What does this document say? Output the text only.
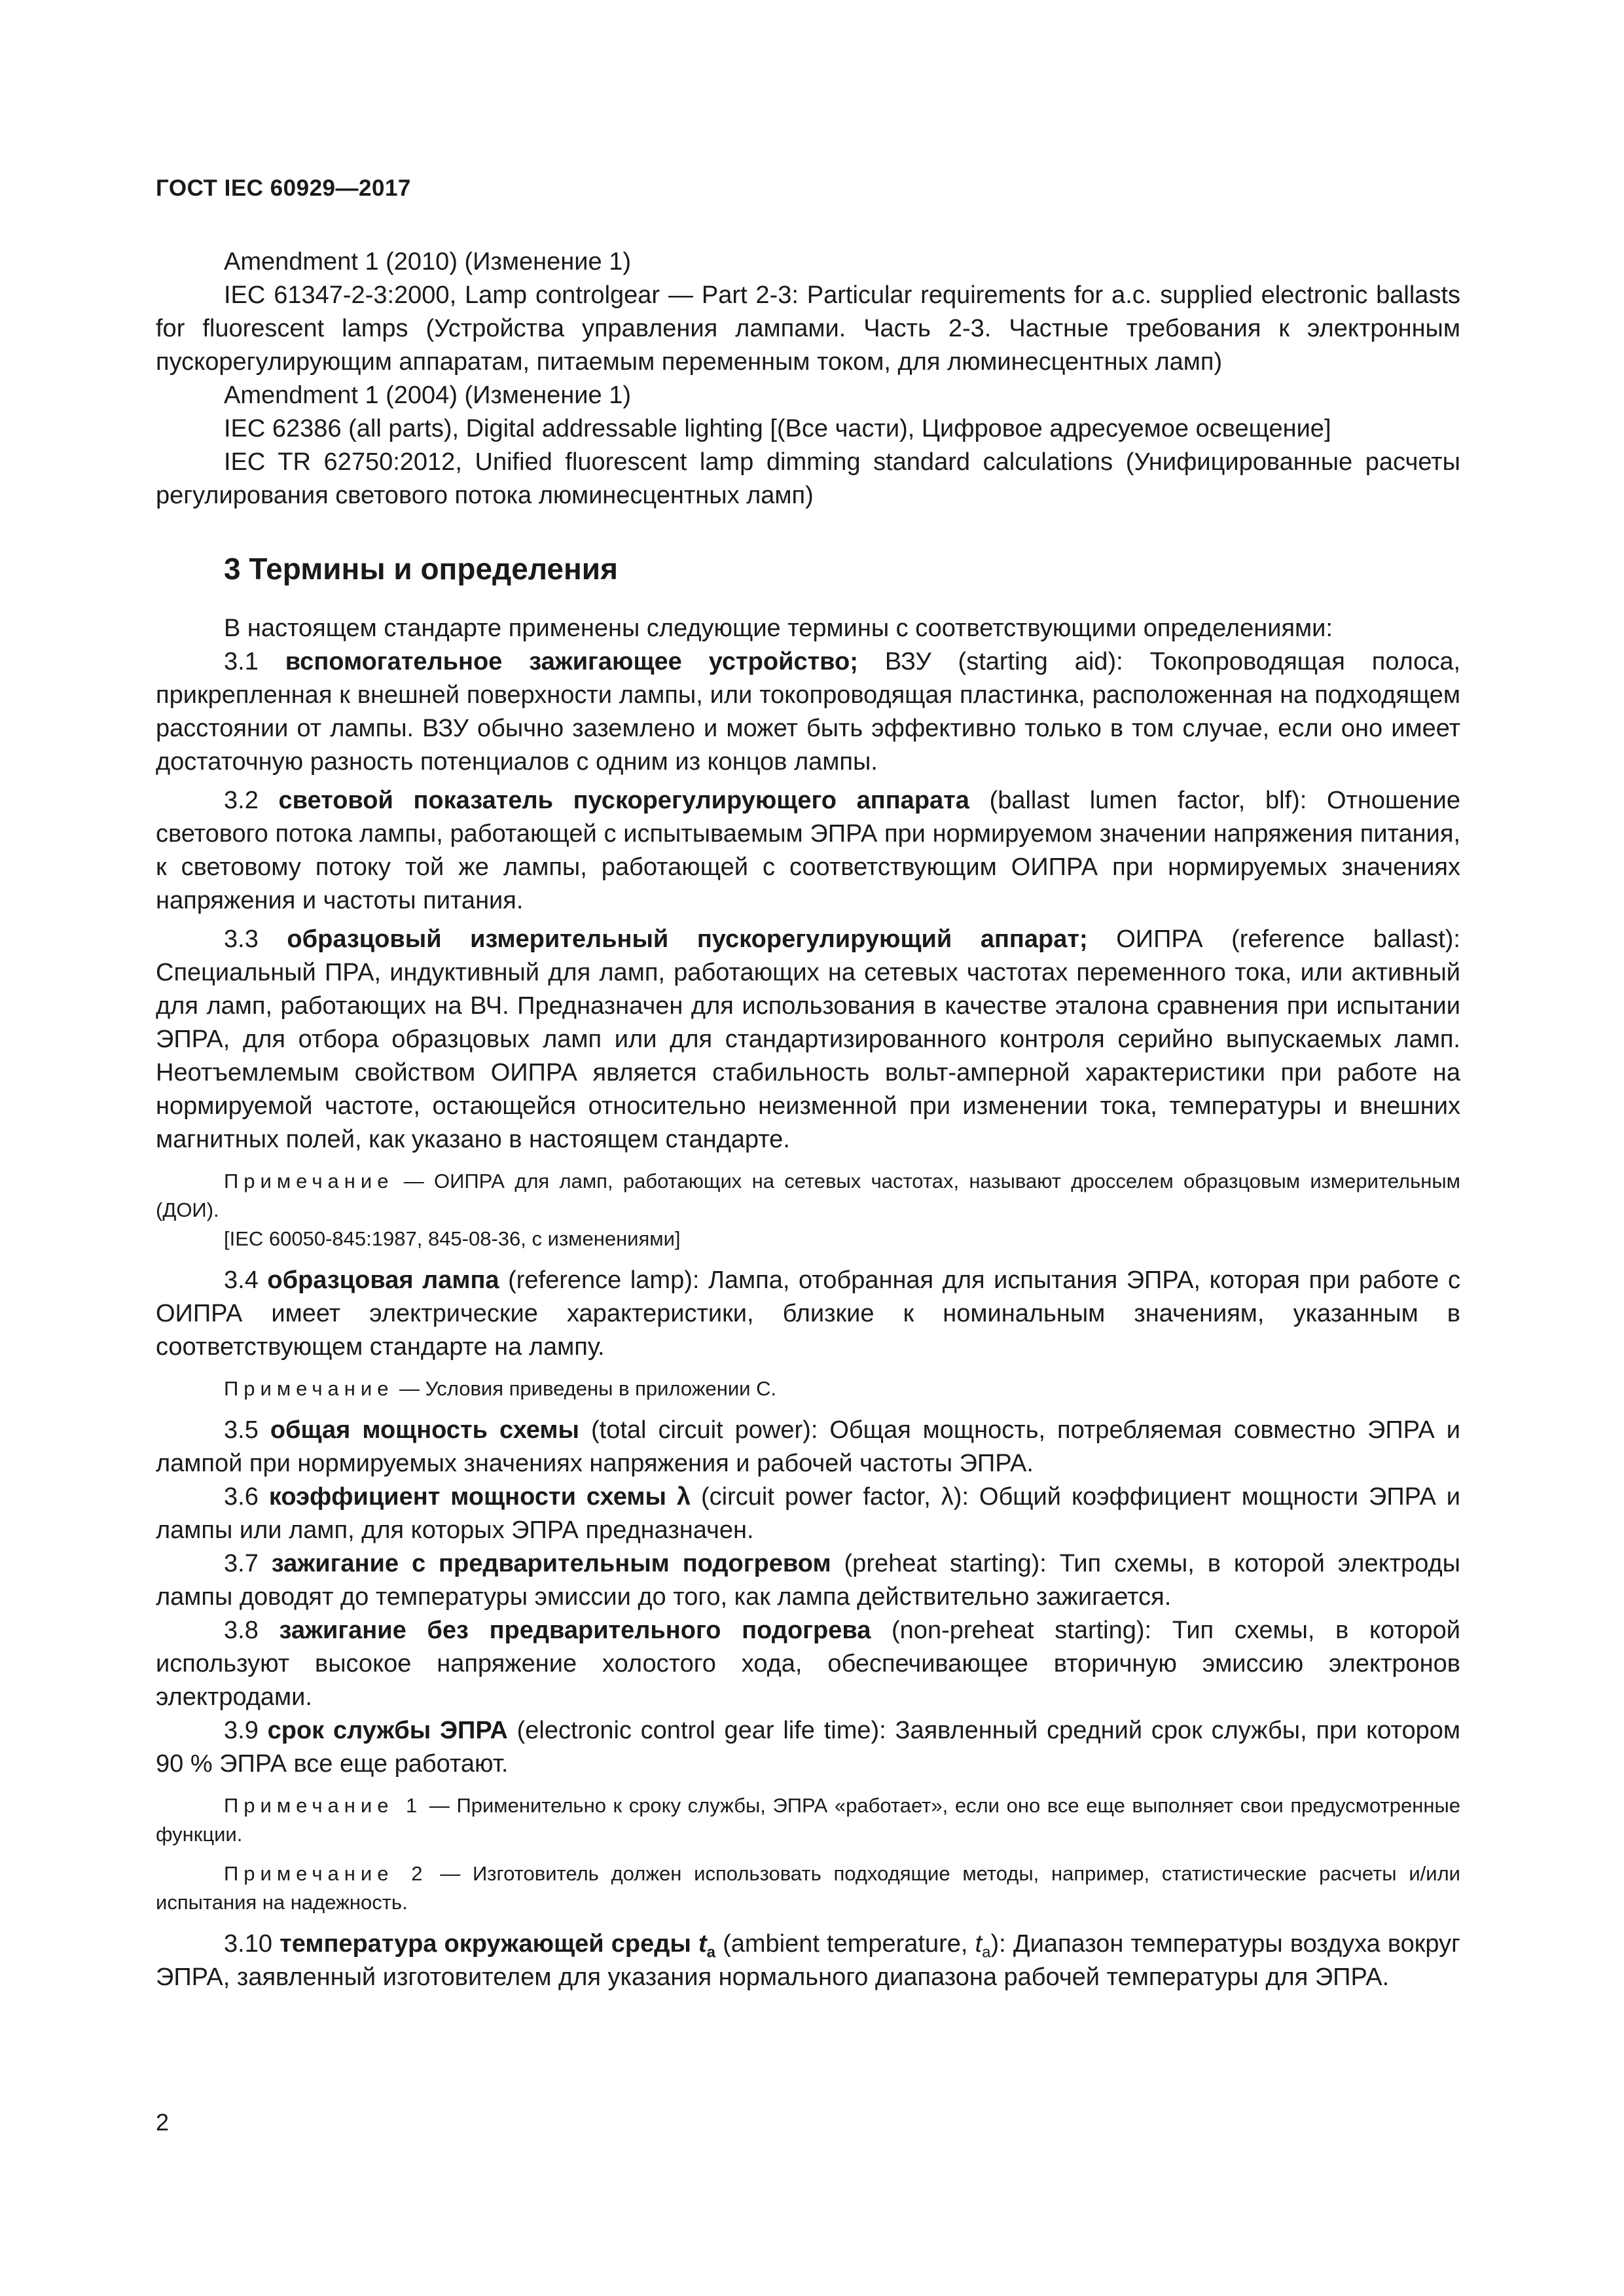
ГОСТ IEC 60929—2017

Amendment 1 (2010) (Изменение 1)

IEC 61347-2-3:2000, Lamp controlgear — Part 2-3: Particular requirements for a.c. supplied electronic ballasts for fluorescent lamps (Устройства управления лампами. Часть 2-3. Частные требования к электронным пускорегулирующим аппаратам, питаемым переменным током, для люминесцентных ламп)

Amendment 1 (2004) (Изменение 1)

IEC 62386 (all parts), Digital addressable lighting [(Все части), Цифровое адресуемое освещение]

IEC TR 62750:2012, Unified fluorescent lamp dimming standard calculations (Унифицированные расчеты регулирования светового потока люминесцентных ламп)

3 Термины и определения

В настоящем стандарте применены следующие термины с соответствующими определениями:

3.1 вспомогательное зажигающее устройство; ВЗУ (starting aid): Токопроводящая полоса, прикрепленная к внешней поверхности лампы, или токопроводящая пластинка, расположенная на подходящем расстоянии от лампы. ВЗУ обычно заземлено и может быть эффективно только в том случае, если оно имеет достаточную разность потенциалов с одним из концов лампы.

3.2 световой показатель пускорегулирующего аппарата (ballast lumen factor, blf): Отношение светового потока лампы, работающей с испытываемым ЭПРА при нормируемом значении напряжения питания, к световому потоку той же лампы, работающей с соответствующим ОИПРА при нормируемых значениях напряжения и частоты питания.

3.3 образцовый измерительный пускорегулирующий аппарат; ОИПРА (reference ballast): Специальный ПРА, индуктивный для ламп, работающих на сетевых частотах переменного тока, или активный для ламп, работающих на ВЧ. Предназначен для использования в качестве эталона сравнения при испытании ЭПРА, для отбора образцовых ламп или для стандартизированного контроля серийно выпускаемых ламп. Неотъемлемым свойством ОИПРА является стабильность вольт-амперной характеристики при работе на нормируемой частоте, остающейся относительно неизменной при изменении тока, температуры и внешних магнитных полей, как указано в настоящем стандарте.

Примечание — ОИПРА для ламп, работающих на сетевых частотах, называют дросселем образцовым измерительным (ДОИ).
[IEC 60050-845:1987, 845-08-36, с изменениями]

3.4 образцовая лампа (reference lamp): Лампа, отобранная для испытания ЭПРА, которая при работе с ОИПРА имеет электрические характеристики, близкие к номинальным значениям, указанным в соответствующем стандарте на лампу.

Примечание — Условия приведены в приложении С.

3.5 общая мощность схемы (total circuit power): Общая мощность, потребляемая совместно ЭПРА и лампой при нормируемых значениях напряжения и рабочей частоты ЭПРА.

3.6 коэффициент мощности схемы λ (circuit power factor, λ): Общий коэффициент мощности ЭПРА и лампы или ламп, для которых ЭПРА предназначен.

3.7 зажигание с предварительным подогревом (preheat starting): Тип схемы, в которой электроды лампы доводят до температуры эмиссии до того, как лампа действительно зажигается.

3.8 зажигание без предварительного подогрева (non-preheat starting): Тип схемы, в которой используют высокое напряжение холостого хода, обеспечивающее вторичную эмиссию электронов электродами.

3.9 срок службы ЭПРА (electronic control gear life time): Заявленный средний срок службы, при котором 90 % ЭПРА все еще работают.

Примечание 1 — Применительно к сроку службы, ЭПРА «работает», если оно все еще выполняет свои предусмотренные функции.
Примечание 2 — Изготовитель должен использовать подходящие методы, например, статистические расчеты и/или испытания на надежность.

3.10 температура окружающей среды $t_a$ (ambient temperature, $t_a$): Диапазон температуры воздуха вокруг ЭПРА, заявленный изготовителем для указания нормального диапазона рабочей температуры для ЭПРА.

2
